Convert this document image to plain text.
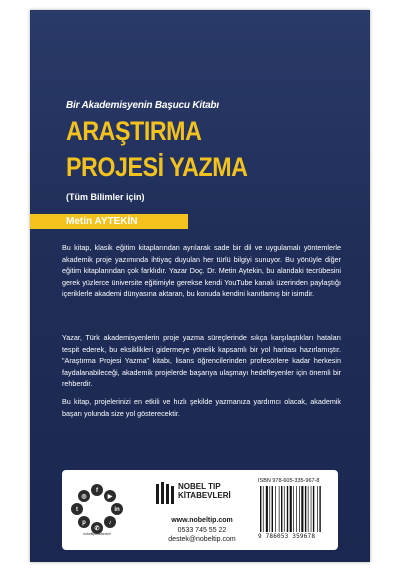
Bir Akademisyenin Başucu Kitabı
ARAŞTIRMA
PROJESİ YAZMA
(Tüm Bilimler için)
Metin AYTEKİN
Bu kitap, klasik eğitim kitaplarından ayrılarak sade bir dil ve uygulamalı yöntemlerle akademik proje yazımında ihtiyaç duyulan her türlü bilgiyi sunuyor. Bu yönüyle diğer eğitim kitaplarından çok farklıdır. Yazar Doç. Dr. Metin Aytekin, bu alandaki tecrübesini gerek yüzlerce üniversite eğitimiyle gerekse kendi YouTube kanalı üzerinden paylaştığı içeriklerle akademi dünyasına aktaran, bu konuda kendini kanıtlamış bir isimdir.
Yazar, Türk akademisyenlerin proje yazma süreçlerinde sıkça karşılaştıkları hataları tespit ederek, bu eksiklikleri gidermeye yönelik kapsamlı bir yol haritası hazırlamıştır. "Araştırma Projesi Yazma" kitabı, lisans öğrencilerinden profesörlere kadar herkesin faydalanabileceği, akademik projelerde başarıya ulaşmayı hedefleyenler için önemli bir rehberdir.
Bu kitap, projelerinizi en etkili ve hızlı şekilde yazmanıza yardımcı olacak, akademik başarı yolunda size yol gösterecektir.
f
◎	▶
t	in
p	♪
✆
nobeltipkitabevleri
NOBEL TIP
KİTABEVLERİ
www.nobeltip.com
0533 745 55 22
destek@nobeltip.com
ISBN 978-605-335-967-8
9 786053 359678
